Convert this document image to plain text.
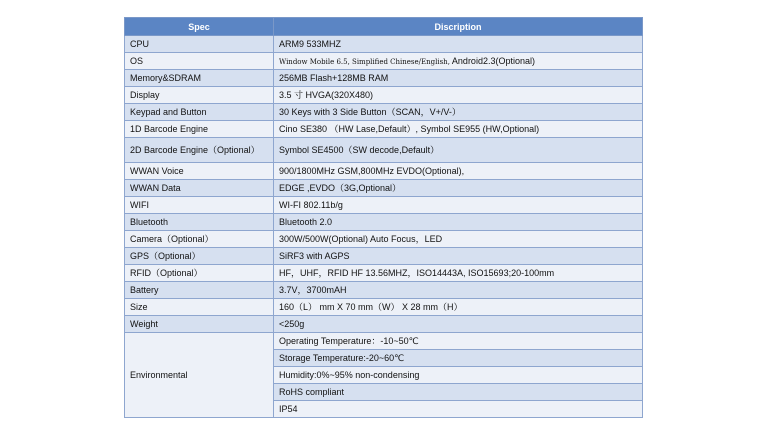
Spec	Discription
CPU	ARM9 533MHZ
OS	Window Mobile 6.5, Simplified Chinese/English, Android2.3(Optional)
Memory&SDRAM	256MB Flash+128MB RAM
Display	3.5 寸 HVGA(320X480)
Keypad and Button	30 Keys with 3 Side Button（SCAN，V+/V-）
1D Barcode Engine	Cino SE380 （HW Lase,Default）, Symbol SE955 (HW,Optional)
2D Barcode Engine（Optional）	Symbol SE4500（SW decode,Default）
WWAN Voice	900/1800MHz GSM,800MHz EVDO(Optional),
WWAN Data	EDGE ,EVDO（3G,Optional）
WIFI	WI-FI 802.11b/g
Bluetooth	Bluetooth 2.0
Camera（Optional）	300W/500W(Optional) Auto Focus，LED
GPS（Optional）	SiRF3 with AGPS
RFID（Optional）	HF，UHF，RFID HF 13.56MHZ，ISO14443A, ISO15693;20-100mm
Battery	3.7V，3700mAH
Size	160（L） mm X 70 mm（W） X 28 mm（H）
Weight	<250g
Environmental	Operating Temperature：-10~50℃
	Storage Temperature:-20~60℃
	Humidity:0%~95% non-condensing
	RoHS compliant
	IP54
